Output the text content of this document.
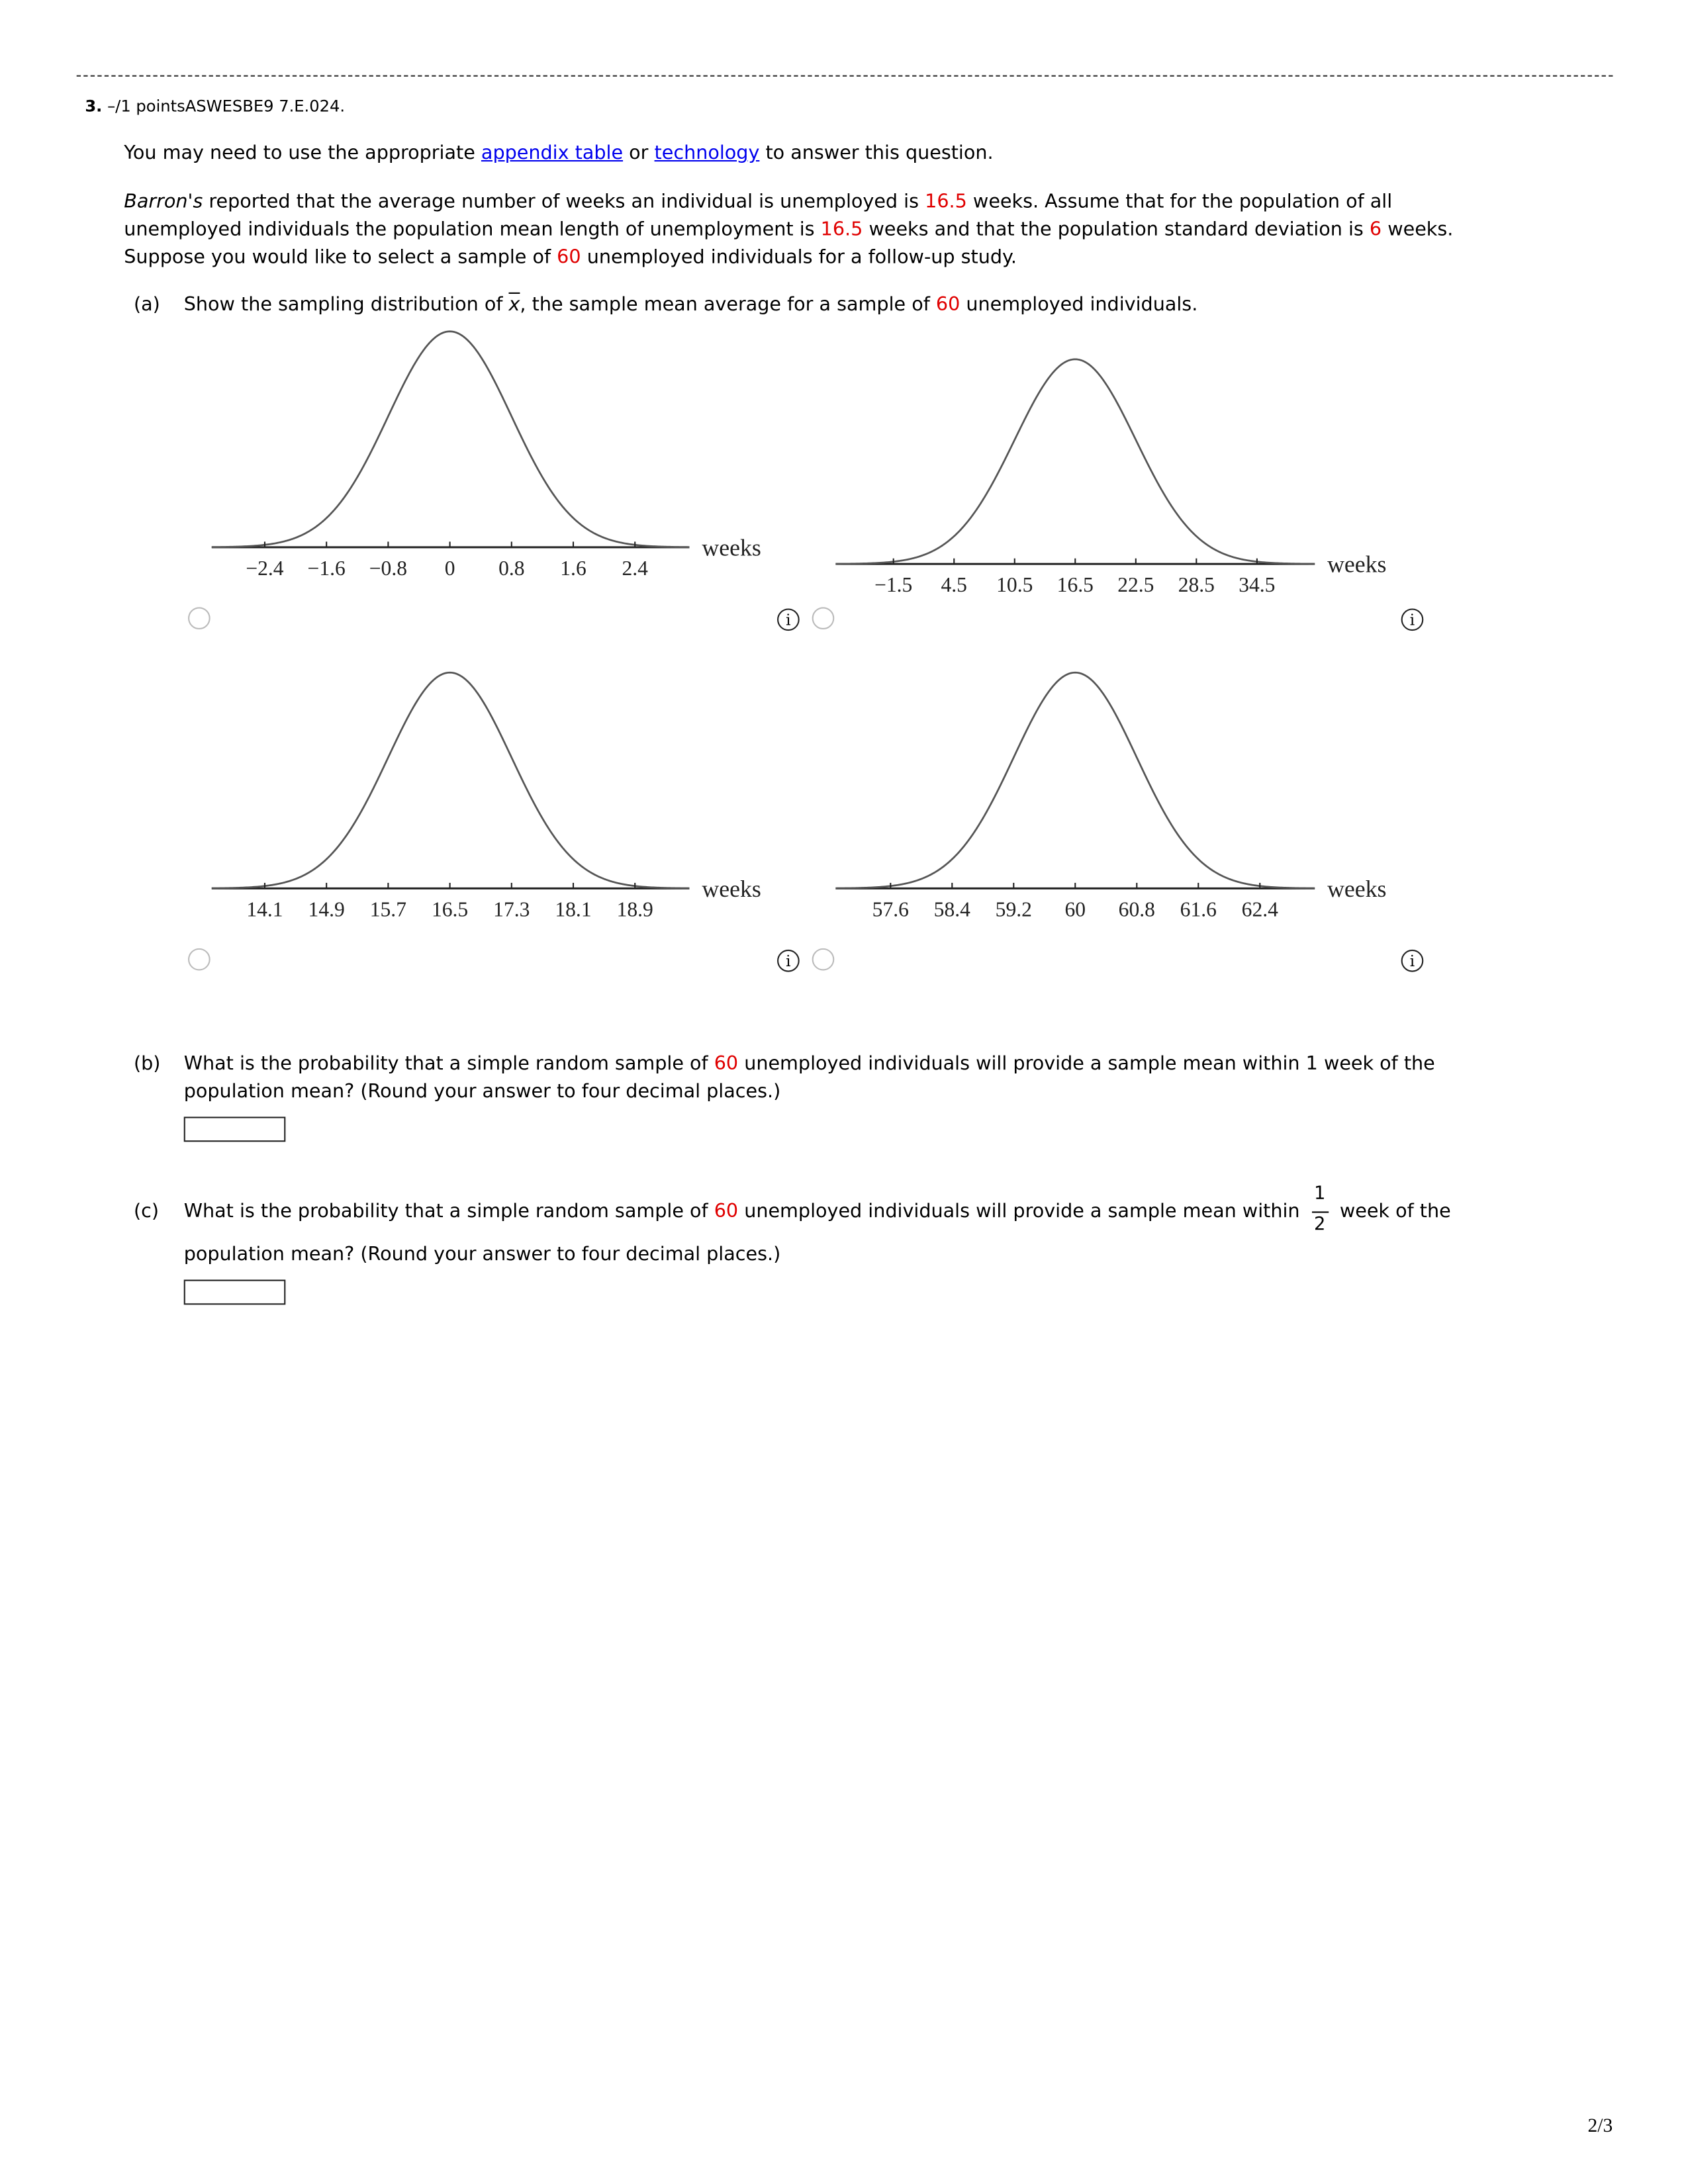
3. –/1 pointsASWESBE9 7.E.024.
You may need to use the appropriate appendix table or technology to answer this question.
Barron's reported that the average number of weeks an individual is unemployed is 16.5 weeks. Assume that for the population of all
unemployed individuals the population mean length of unemployment is 16.5 weeks and that the population standard deviation is 6 weeks.
Suppose you would like to select a sample of 60 unemployed individuals for a follow-up study.
(a)	Show the sampling distribution of $\overline{x}$, the sample mean average for a sample of 60 unemployed individuals.
−2.4 −1.6 −0.8	0	0.8	1.6	2.4
weeks
i
−1.5	4.5	10.5 16.5 22.5 28.5 34.5
weeks
i
14.1	14.9	15.7	16.5	17.3	18.1	18.9
weeks
i
57.6	58.4	59.2	60	60.8	61.6	62.4
weeks
i
(b)	What is the probability that a simple random sample of 60 unemployed individuals will provide a sample mean within 1 week of the
population mean? (Round your answer to four decimal places.)
(c)	What is the probability that a simple random sample of 60 unemployed individuals will provide a sample mean within $\frac{1}{2}$ week of the
population mean? (Round your answer to four decimal places.)
2/3
